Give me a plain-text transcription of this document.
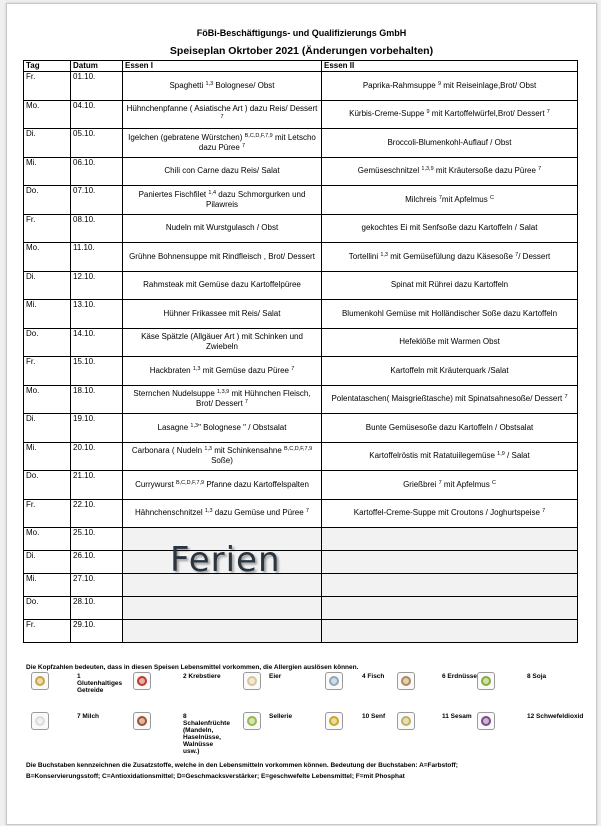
FöBi-Beschäftigungs- und Qualifizierungs GmbH
Speiseplan Okrtober 2021 (Änderungen vorbehalten)
Tag	Datum	Essen I	Essen II
Fr.	01.10.	Spaghetti $^{1,3}$ Bolognese/ Obst	Paprika-Rahmsuppe $^9$ mit Reiseinlage,Brot/ Obst
Mo.	04.10.	Hühnchenpfanne ( Asiatische Art ) dazu Reis/ Dessert $^7$	Kürbis-Creme-Suppe $^9$ mit Kartoffelwürfel,Brot/ Dessert $^7$
Di.	05.10.	Igelchen (gebratene Würstchen) $^{B,C,D,F,7,9}$ mit Letscho dazu Püree $^7$	Broccoli-Blumenkohl-Auflauf / Obst
Mi.	06.10.	Chili con Carne dazu Reis/ Salat	Gemüseschnitzel $^{1,3,9}$ mit Kräutersoße dazu Püree $^7$
Do.	07.10.	Paniertes Fischfilet $^{1,4}$ dazu Schmorgurken und Pilawreis	Milchreis $^7$mit Apfelmus $^C$
Fr.	08.10.	Nudeln mit Wurstgulasch / Obst	gekochtes Ei mit Senfsoße dazu Kartoffeln / Salat
Mo.	11.10.	Grühne Bohnensuppe mit Rindfleisch , Brot/ Dessert	Tortellini $^{1,3}$ mit Gemüsefülung dazu Käsesoße $^7$/ Dessert
Di.	12.10.	Rahmsteak mit Gemüse dazu Kartoffelpüree	Spinat mit Rührei dazu Kartoffeln
Mi.	13.10.	Hühner Frikassee mit Reis/ Salat	Blumenkohl Gemüse mit Holländischer Soße dazu Kartoffeln
Do.	14.10.	Käse Spätzle (Allgäuer Art ) mit Schinken und Zwiebeln	Hefeklöße mit Warmen Obst
Fr.	15.10.	Hackbraten $^{1,3}$ mit Gemüse dazu Püree $^7$	Kartoffeln mit Kräuterquark /Salat
Mo.	18.10.	Sternchen Nudelsuppe $^{1,3,9}$ mit Hühnchen Fleisch, Brot/ Dessert $^7$	Polentataschen( Maisgrießtasche) mit Spinatsahnesoße/ Dessert $^7$
Di.	19.10.	Lasagne $^{1,3}$" Bolognese " / Obstsalat	Bunte Gemüsesoße dazu Kartoffeln / Obstsalat
Mi.	20.10.	Carbonara ( Nudeln $^{1,3}$ mit Schinkensahne $^{B,C,D,F,7,9}$ Soße)	Kartoffelröstis mit Ratatuiilegemüse $^{1,9}$ / Salat
Do.	21.10.	Currywurst $^{B,C,D,F,7,9}$ Pfanne dazu Kartoffelspalten	Grießbrei $^7$ mit Apfelmus $^C$
Fr.	22.10.	Hähnchenschnitzel $^{1,3}$ dazu Gemüse und Püree $^7$	Kartoffel-Creme-Suppe mit Croutons / Joghurtspeise $^7$
Mo.	25.10.		
Di.	26.10.		
Mi.	27.10.		
Do.	28.10.		
Fr.	29.10.		
Ferien
Die Kopfzahlen bedeuten, dass in diesen Speisen Lebensmittel vorkommen, die Allergien auslösen können.
1 Glutenhaltiges Getreide
2 Krebstiere	Eier	4 Fisch	6 Erdnüsse	8 Soja
7 Milch	8 Schalenfrüchte (Mandeln, Haselnüsse, Walnüsse usw.)
Sellerie	10 Senf	11 Sesam	12 Schwefeldioxid
Die Buchstaben kennzeichnen die Zusatzstoffe, welche in den Lebensmitteln vorkommen können. Bedeutung der Buchstaben: A=Farbstoff;
B=Konservierungsstoff; C=Antioxidationsmittel; D=Geschmacksverstärker; E=geschwefelte Lebensmittel; F=mit Phosphat
